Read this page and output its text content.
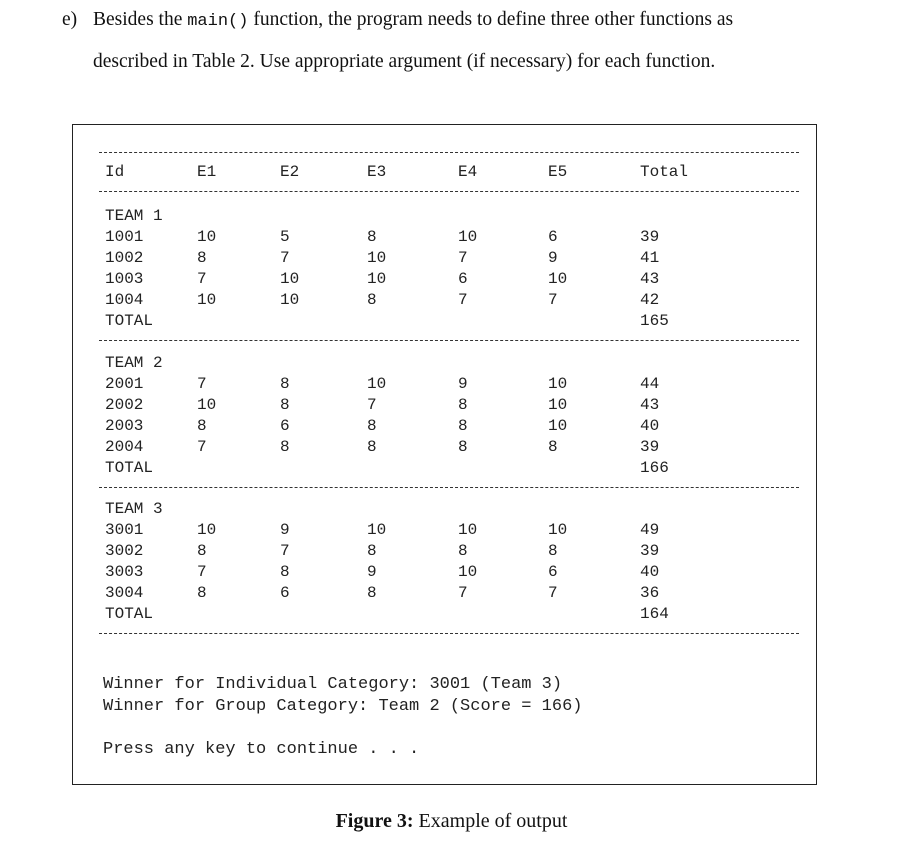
e) Besides the main() function, the program needs to define three other functions as
described in Table 2. Use appropriate argument (if necessary) for each function.
Winner for Individual Category: 3001 (Team 3)
Winner for Group Category: Team 2 (Score = 166)
Press any key to continue . . .
Id	E1	E2	E3	E4	E5	Total
TEAM 1
1001	10	5	8	10	6	39
1002	8	7	10	7	9	41
1003	7	10	10	6	10	43
1004	10	10	8	7	7	42
TOTAL	165
TEAM 2
2001	7	8	10	9	10	44
2002	10	8	7	8	10	43
2003	8	6	8	8	10	40
2004	7	8	8	8	8	39
TOTAL	166
TEAM 3
3001	10	9	10	10	10	49
3002	8	7	8	8	8	39
3003	7	8	9	10	6	40
3004	8	6	8	7	7	36
TOTAL	164
Figure 3: Example of output
